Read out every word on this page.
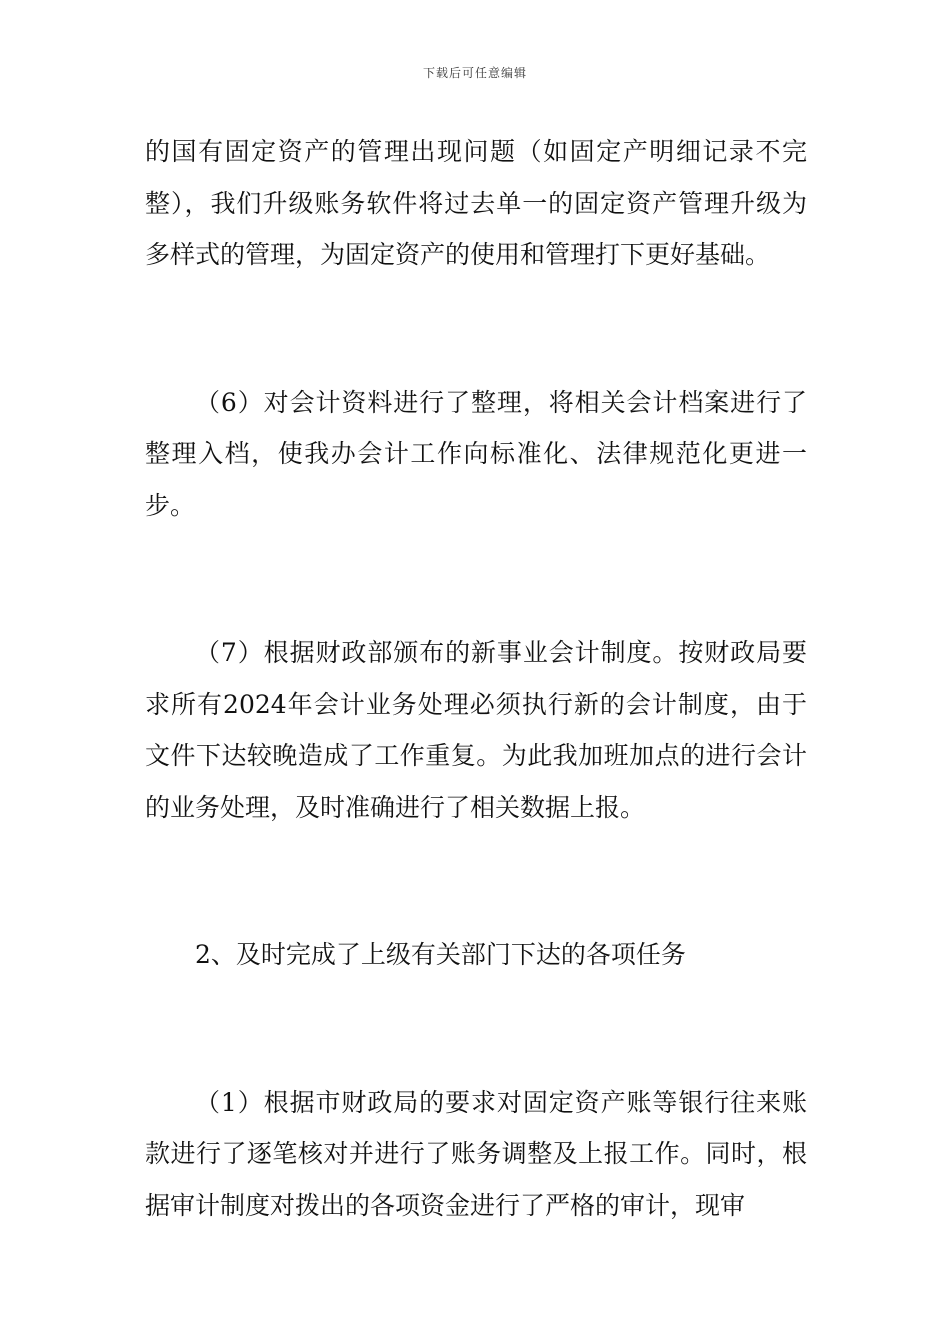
下载后可任意编辑

的国有固定资产的管理出现问题（如固定产明细记录不完整），我们升级账务软件将过去单一的固定资产管理升级为多样式的管理，为固定资产的使用和管理打下更好基础。

（6）对会计资料进行了整理，将相关会计档案进行了整理入档，使我办会计工作向标准化、法律规范化更进一步。

（7）根据财政部颁布的新事业会计制度。按财政局要求所有2024年会计业务处理必须执行新的会计制度，由于文件下达较晚造成了工作重复。为此我加班加点的进行会计的业务处理，及时准确进行了相关数据上报。

2、及时完成了上级有关部门下达的各项任务

（1）根据市财政局的要求对固定资产账等银行往来账款进行了逐笔核对并进行了账务调整及上报工作。同时，根据审计制度对拨出的各项资金进行了严格的审计，现审
